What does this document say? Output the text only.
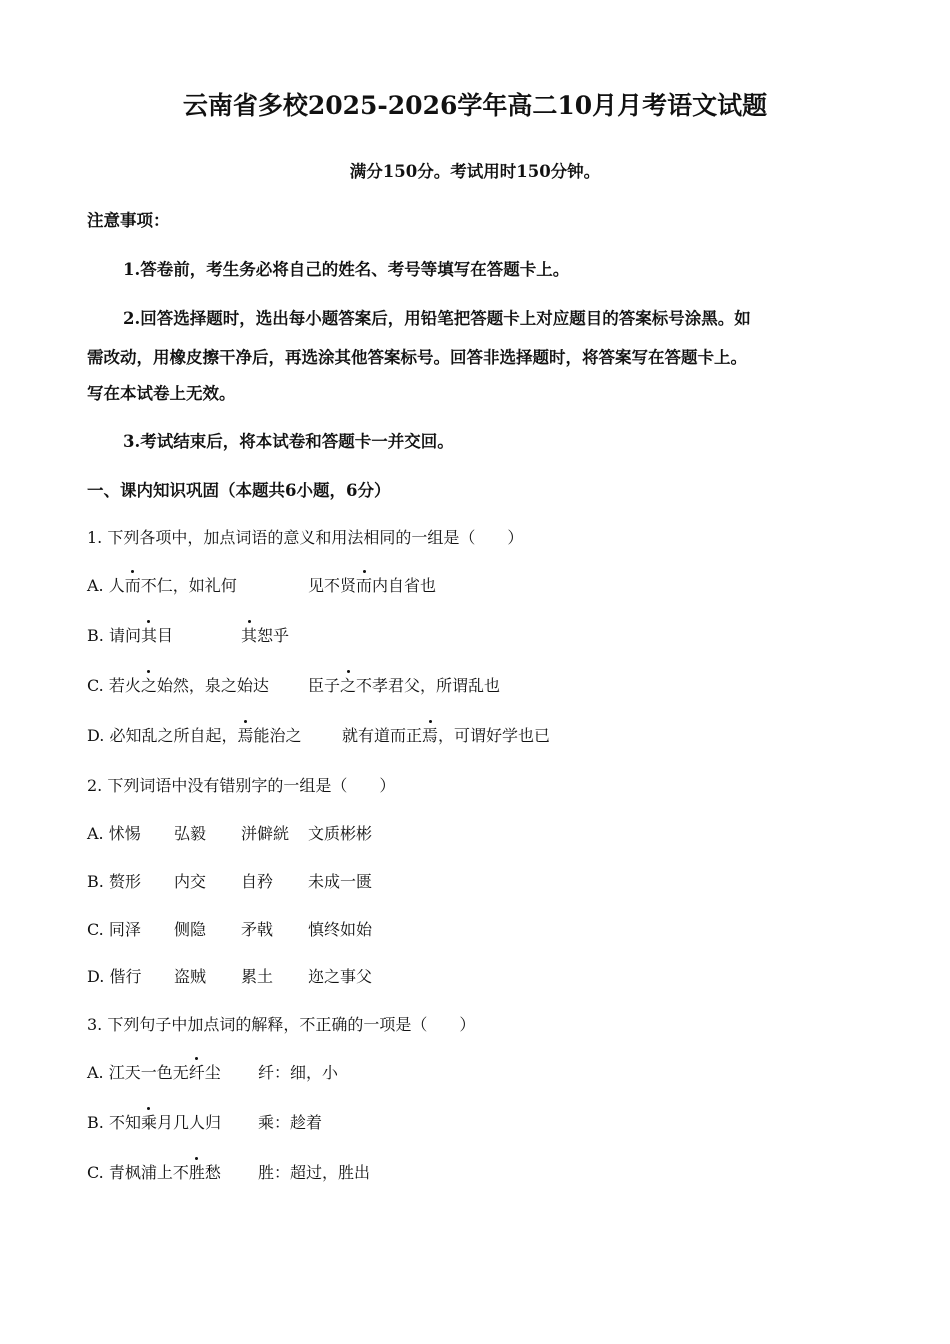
云南省多校2025-2026学年高二10月月考语文试题
满分150分。考试用时150分钟。
注意事项：
1.答卷前，考生务必将自己的姓名、考号等填写在答题卡上。
2.回答选择题时，选出每小题答案后，用铅笔把答题卡上对应题目的答案标号涂黑。如
需改动，用橡皮擦干净后，再选涂其他答案标号。回答非选择题时，将答案写在答题卡上。
写在本试卷上无效。
3.考试结束后，将本试卷和答题卡一并交回。
一、课内知识巩固（本题共6小题，6分）
1. 下列各项中，加点词语的意义和用法相同的一组是（　　）
A. 人而不仁，如礼何	见不贤而内自省也
B. 请问其目	其恕乎
C. 若火之始然，泉之始达 臣子之不孝君父，所谓乱也
D. 必知乱之所自起，焉能治之	就有道而正焉，可谓好学也已
2. 下列词语中没有错别字的一组是（　　）
A. 怵惕 弘毅 洴僻絖 文质彬彬
B. 赘形 内交 自矜 未成一匮
C. 同泽 侧隐 矛戟 慎终如始
D. 偕行 盗贼 累土 迩之事父
3. 下列句子中加点词的解释，不正确的一项是（　　）
A. 江天一色无纤尘 纤：细，小
B. 不知乘月几人归 乘：趁着
C. 青枫浦上不胜愁 胜：超过，胜出
